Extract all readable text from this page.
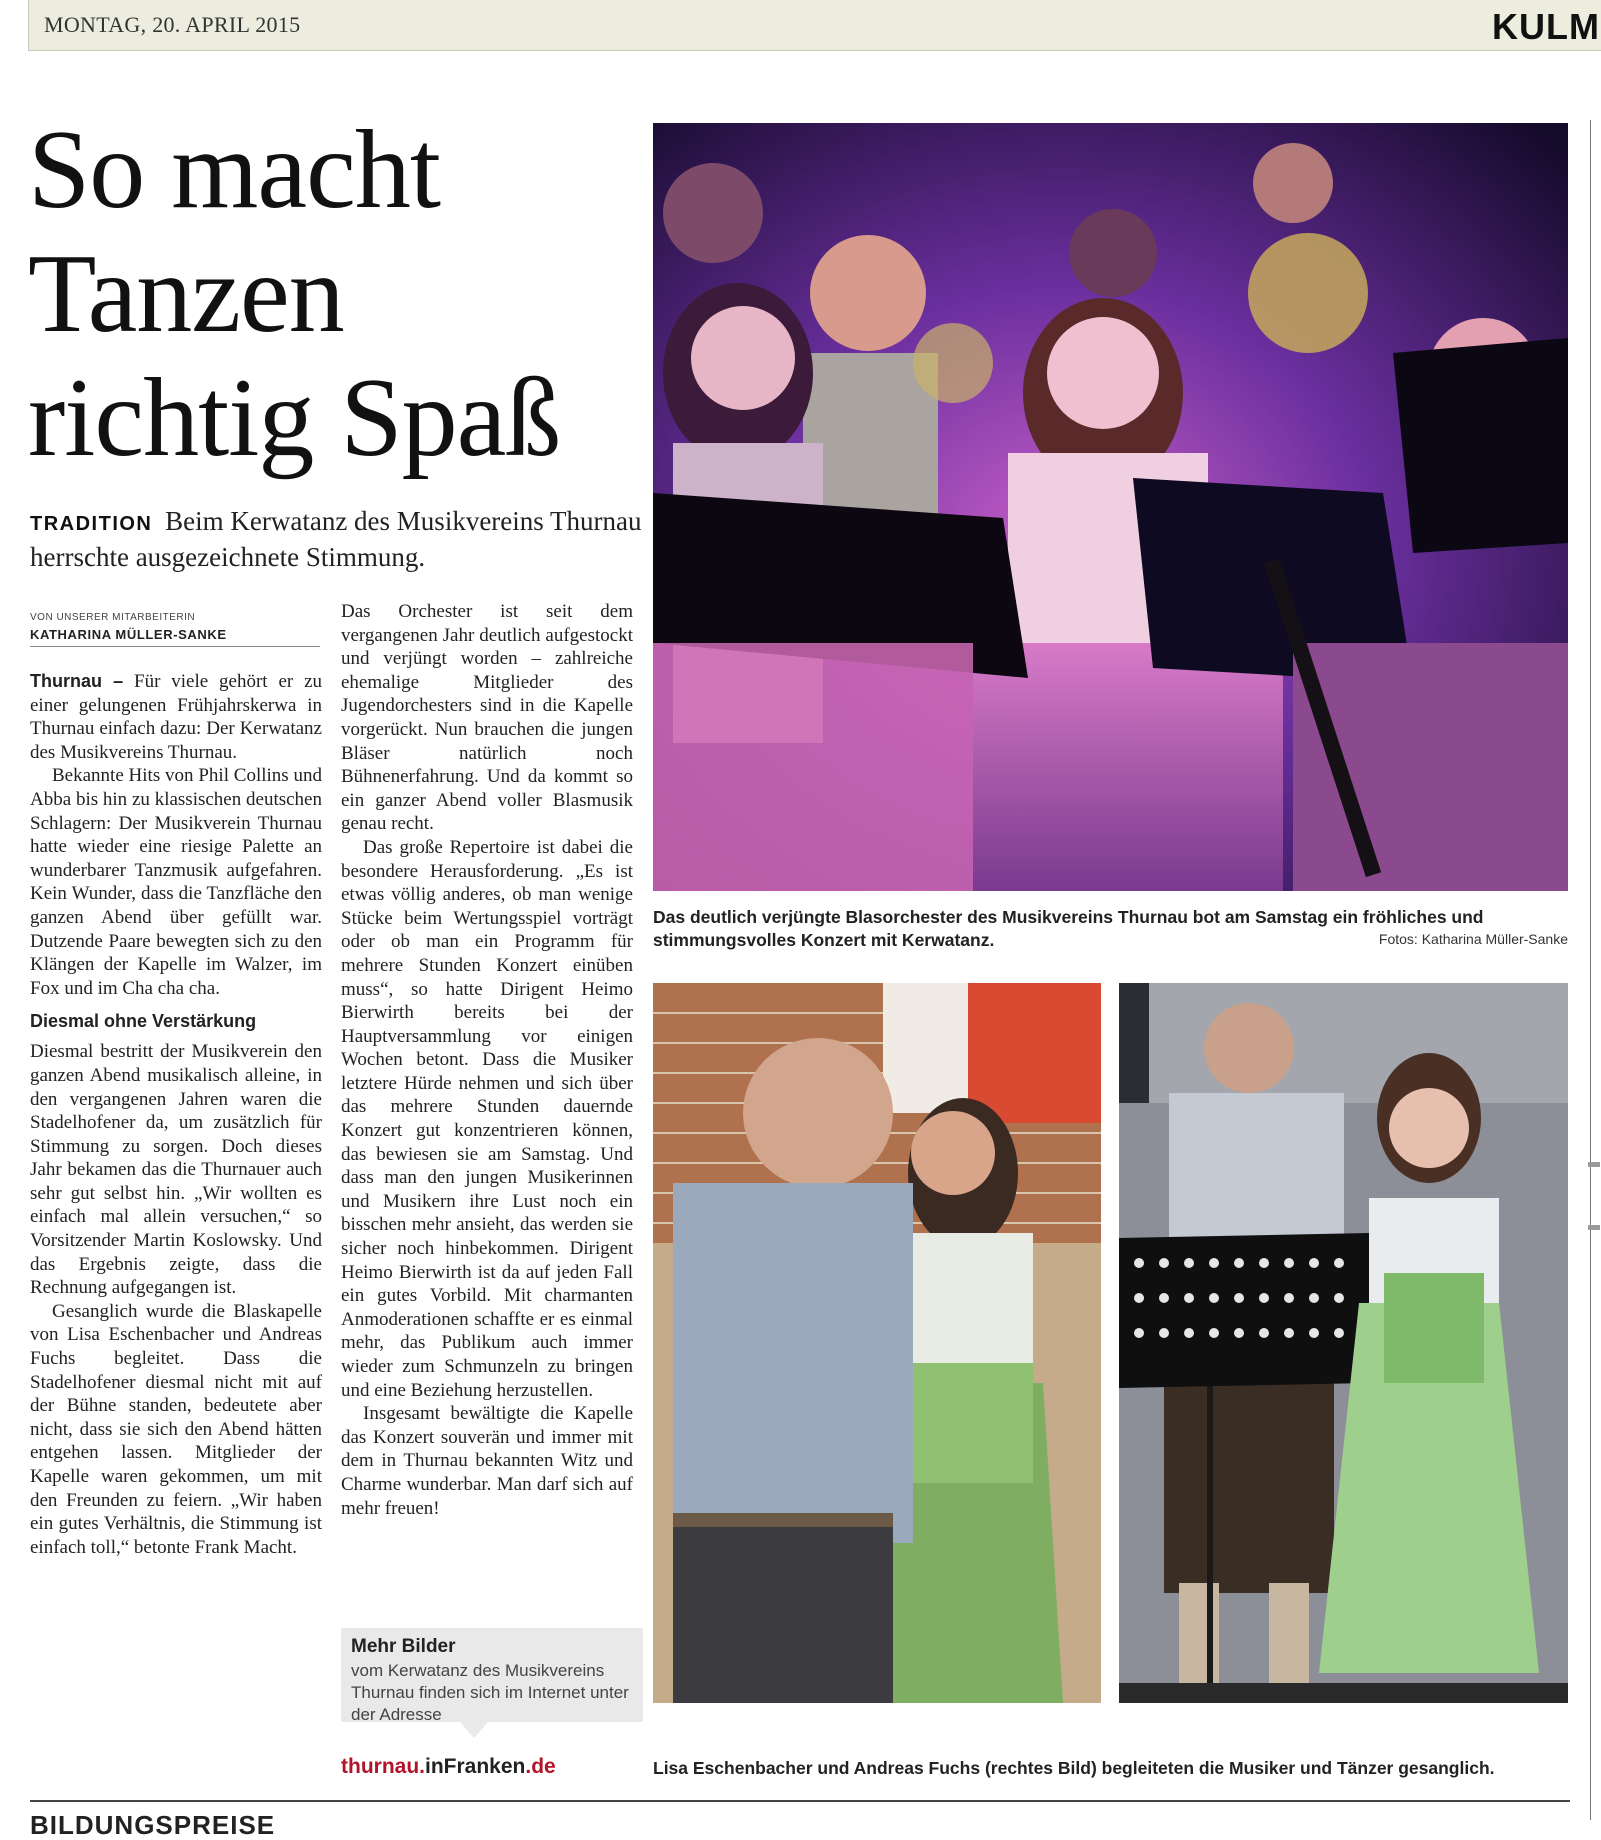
MONTAG, 20. APRIL 2015	KULM
So macht
Tanzen
richtig Spaß
TRADITION Beim Kerwatanz des Musikvereins Thurnau herrschte ausgezeichnete Stimmung.
VON UNSERER MITARBEITERIN
KATHARINA MÜLLER-SANKE

Thurnau – Für viele gehört er zu einer gelungenen Frühjahrskerwa in Thurnau einfach dazu: Der Kerwatanz des Musikvereins Thurnau.

Bekannte Hits von Phil Collins und Abba bis hin zu klassischen deutschen Schlagern: Der Musikverein Thurnau hatte wieder eine riesige Palette an wunderbarer Tanzmusik aufgefahren. Kein Wunder, dass die Tanzfläche den ganzen Abend über gefüllt war. Dutzende Paare bewegten sich zu den Klängen der Kapelle im Walzer, im Fox und im Cha cha cha.

Diesmal ohne Verstärkung

Diesmal bestritt der Musikverein den ganzen Abend musikalisch alleine, in den vergangenen Jahren waren die Stadelhofener da, um zusätzlich für Stimmung zu sorgen. Doch dieses Jahr bekamen das die Thurnauer auch sehr gut selbst hin. „Wir wollten es einfach mal allein versuchen,“ so Vorsitzender Martin Koslowsky. Und das Ergebnis zeigte, dass die Rechnung aufgegangen ist.

Gesanglich wurde die Blaskapelle von Lisa Eschenbacher und Andreas Fuchs begleitet. Dass die Stadelhofener diesmal nicht mit auf der Bühne standen, bedeutete aber nicht, dass sie sich den Abend hätten entgehen lassen. Mitglieder der Kapelle waren gekommen, um mit den Freunden zu feiern. „Wir haben ein gutes Verhältnis, die Stimmung ist einfach toll,“ betonte Frank Macht.

Das Orchester ist seit dem vergangenen Jahr deutlich aufgestockt und verjüngt worden – zahlreiche ehemalige Mitglieder des Jugendorchesters sind in die Kapelle vorgerückt. Nun brauchen die jungen Bläser natürlich noch Bühnenerfahrung. Und da kommt so ein ganzer Abend voller Blasmusik genau recht.

Das große Repertoire ist dabei die besondere Herausforderung. „Es ist etwas völlig anderes, ob man wenige Stücke beim Wertungsspiel vorträgt oder ob man ein Programm für mehrere Stunden Konzert einüben muss“, so hatte Dirigent Heimo Bierwirth bereits bei der Hauptversammlung vor einigen Wochen betont. Dass die Musiker letztere Hürde nehmen und sich über das mehrere Stunden dauernde Konzert gut konzentrieren können, das bewiesen sie am Samstag. Und dass man den jungen Musikerinnen und Musikern ihre Lust noch ein bisschen mehr ansieht, das werden sie sicher noch hinbekommen. Dirigent Heimo Bierwirth ist da auf jeden Fall ein gutes Vorbild. Mit charmanten Anmoderationen schaffte er es einmal mehr, das Publikum auch immer wieder zum Schmunzeln zu bringen und eine Beziehung herzustellen.

Insgesamt bewältigte die Kapelle das Konzert souverän und immer mit dem in Thurnau bekannten Witz und Charme wunderbar. Man darf sich auf mehr freuen!

Mehr Bilder
vom Kerwatanz des Musikvereins Thurnau finden sich im Internet unter der Adresse
thurnau.inFranken.de
Das deutlich verjüngte Blasorchester des Musikvereins Thurnau bot am Samstag ein fröhliches und stimmungsvolles Konzert mit Kerwatanz.	Fotos: Katharina Müller-Sanke
Lisa Eschenbacher und Andreas Fuchs (rechtes Bild) begleiteten die Musiker und Tänzer gesanglich.
BILDUNGSPREISE
